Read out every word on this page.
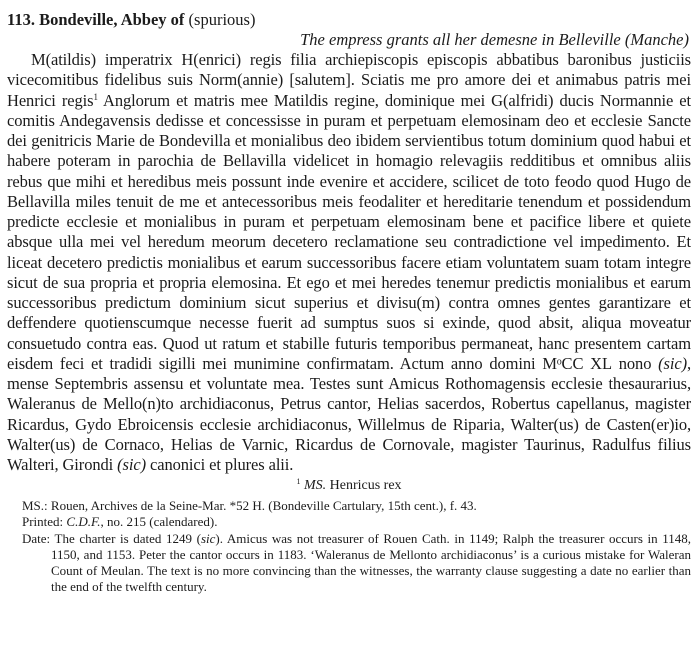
113. Bondeville, Abbey of (spurious)

The empress grants all her demesne in Belleville (Manche)

M(atildis) imperatrix H(enrici) regis filia archiepiscopis episcopis abbatibus baronibus justiciis vicecomitibus fidelibus suis Norm(annie) [salutem]. Sciatis me pro amore dei et animabus patris mei Henrici regis$^1$ Anglorum et matris mee Matildis regine, dominique mei G(alfridi) ducis Normannie et comitis Andegavensis dedisse et concessisse in puram et perpetuam elemosinam deo et ecclesie Sancte dei genitricis Marie de Bondevilla et monialibus deo ibidem servientibus totum dominium quod habui et habere poteram in parochia de Bellavilla videlicet in homagio relevagiis redditibus et omnibus aliis rebus que mihi et heredibus meis possunt inde evenire et accidere, scilicet de toto feodo quod Hugo de Bellavilla miles tenuit de me et antecessoribus meis feodaliter et hereditarie tenendum et possidendum predicte ecclesie et monialibus in puram et perpetuam elemosinam bene et pacifice libere et quiete absque ulla mei vel heredum meorum decetero reclamatione seu contradictione vel impedimento. Et liceat decetero predictis monialibus et earum successoribus facere etiam voluntatem suam totam integre sicut de sua propria et propria elemosina. Et ego et mei heredes tenemur predictis monialibus et earum successoribus predictum dominium sicut superius et divisu(m) contra omnes gentes garantizare et deffendere quotienscumque necesse fuerit ad sumptus suos si exinde, quod absit, aliqua moveatur consuetudo contra eas. Quod ut ratum et stabille futuris temporibus permaneat, hanc presentem cartam eisdem feci et tradidi sigilli mei munimine confirmatam. Actum anno domini MᵒCC XL nono (sic), mense Septembris assensu et voluntate mea. Testes sunt Amicus Rothomagensis ecclesie thesaurarius, Waleranus de Mello(n)to archidiaconus, Petrus cantor, Helias sacerdos, Robertus capellanus, magister Ricardus, Gydo Ebroicensis ecclesie archidiaconus, Willelmus de Riparia, Walter(us) de Casten(er)io, Walter(us) de Cornaco, Helias de Varnic, Ricardus de Cornovale, magister Taurinus, Radulfus filius Walteri, Girondi (sic) canonici et plures alii.

$^1$ MS. Henricus rex

MS.: Rouen, Archives de la Seine-Mar. *52 H. (Bondeville Cartulary, 15th cent.), f. 43.
Printed: C.D.F., no. 215 (calendared).

Date: The charter is dated 1249 (sic). Amicus was not treasurer of Rouen Cath. in 1149; Ralph the treasurer occurs in 1148, 1150, and 1153. Peter the cantor occurs in 1183. ‘Waleranus de Mellonto archidiaconus’ is a curious mistake for Waleran Count of Meulan. The text is no more convincing than the witnesses, the warranty clause suggesting a date no earlier than the end of the twelfth century.
